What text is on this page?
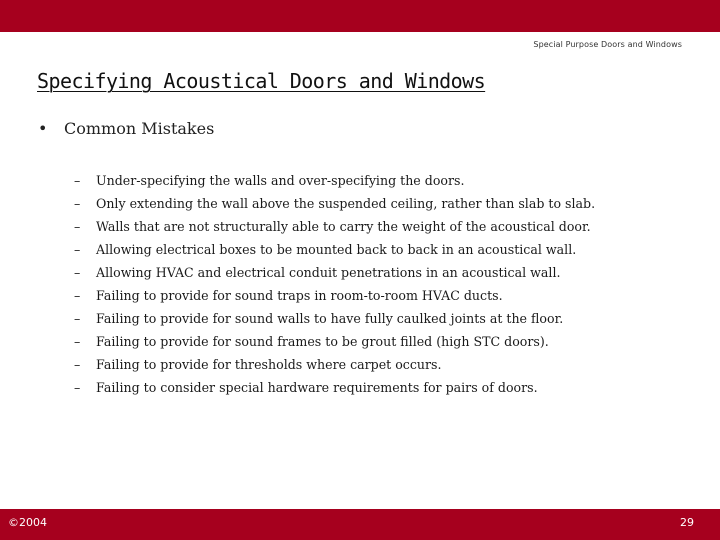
Special Purpose Doors and Windows
Specifying Acoustical Doors and Windows
• Common Mistakes
– Under-specifying the walls and over-specifying the doors.
– Only extending the wall above the suspended ceiling, rather than slab to slab.
– Walls that are not structurally able to carry the weight of the acoustical door.
– Allowing electrical boxes to be mounted back to back in an acoustical wall.
– Allowing HVAC and electrical conduit penetrations in an acoustical wall.
– Failing to provide for sound traps in room-to-room HVAC ducts.
– Failing to provide for sound walls to have fully caulked joints at the floor.
– Failing to provide for sound frames to be grout filled (high STC doors).
– Failing to provide for thresholds where carpet occurs.
– Failing to consider special hardware requirements for pairs of doors.
©2004	29
